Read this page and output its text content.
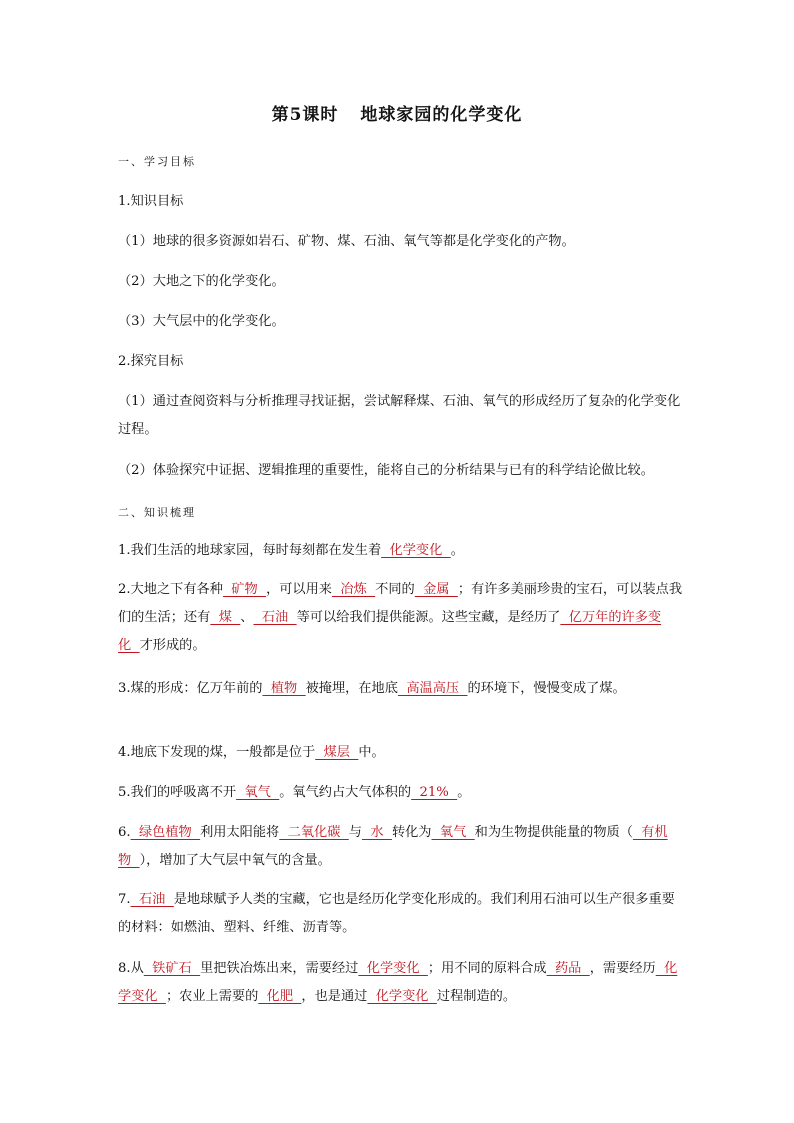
第5课时 地球家园的化学变化
一、学习目标
1.知识目标
（1）地球的很多资源如岩石、矿物、煤、石油、氧气等都是化学变化的产物。
（2）大地之下的化学变化。
（3）大气层中的化学变化。
2.探究目标
（1）通过查阅资料与分析推理寻找证据，尝试解释煤、石油、氧气的形成经历了复杂的化学变化过程。
（2）体验探究中证据、逻辑推理的重要性，能将自己的分析结果与已有的科学结论做比较。
二、知识梳理
1.我们生活的地球家园，每时每刻都在发生着  化学变化  。
2.大地之下有各种  矿物  ，可以用来  冶炼  不同的  金属  ；有许多美丽珍贵的宝石，可以装点我们的生活；还有  煤  、  石油  等可以给我们提供能源。这些宝藏，是经历了  亿万年的许多变化  才形成的。
3.煤的形成：亿万年前的  植物  被掩埋，在地底  高温高压  的环境下，慢慢变成了煤。
4.地底下发现的煤，一般都是位于  煤层  中。
5.我们的呼吸离不开  氧气  。氧气约占大气体积的  21%  。
6.  绿色植物  利用太阳能将  二氧化碳  与  水  转化为  氧气  和为生物提供能量的物质（  有机物  ），增加了大气层中氧气的含量。
7.  石油  是地球赋予人类的宝藏，它也是经历化学变化形成的。我们利用石油可以生产很多重要的材料：如燃油、塑料、纤维、沥青等。
8.从  铁矿石  里把铁冶炼出来，需要经过  化学变化  ；用不同的原料合成  药品  ，需要经历  化学变化  ；农业上需要的  化肥  ，也是通过  化学变化  过程制造的。
